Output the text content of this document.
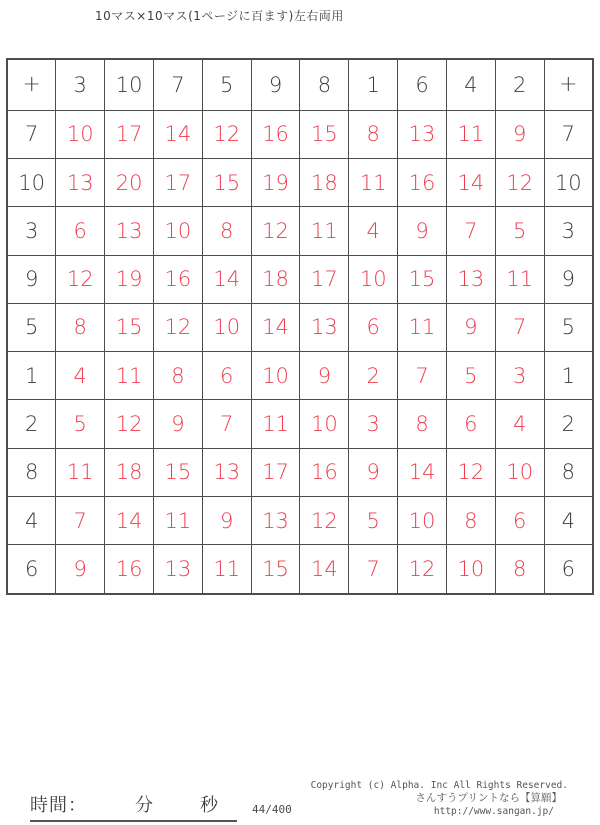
10マス×10マス(1ページに百ます)左右両用
+	3	10	7	5	9	8	1	6	4	2	+
7	10	17	14	12	16	15	8	13	11	9	7
10	13	20	17	15	19	18	11	16	14	12	10
3	6	13	10	8	12	11	4	9	7	5	3
9	12	19	16	14	18	17	10	15	13	11	9
5	8	15	12	10	14	13	6	11	9	7	5
1	4	11	8	6	10	9	2	7	5	3	1
2	5	12	9	7	11	10	3	8	6	4	2
8	11	18	15	13	17	16	9	14	12	10	8
4	7	14	11	9	13	12	5	10	8	6	4
6	9	16	13	11	15	14	7	12	10	8	6
時間：	分	秒	44/400
Copyright (c) Alpha. Inc All Rights Reserved.
さんすうプリントなら【算願】
http://www.sangan.jp/
